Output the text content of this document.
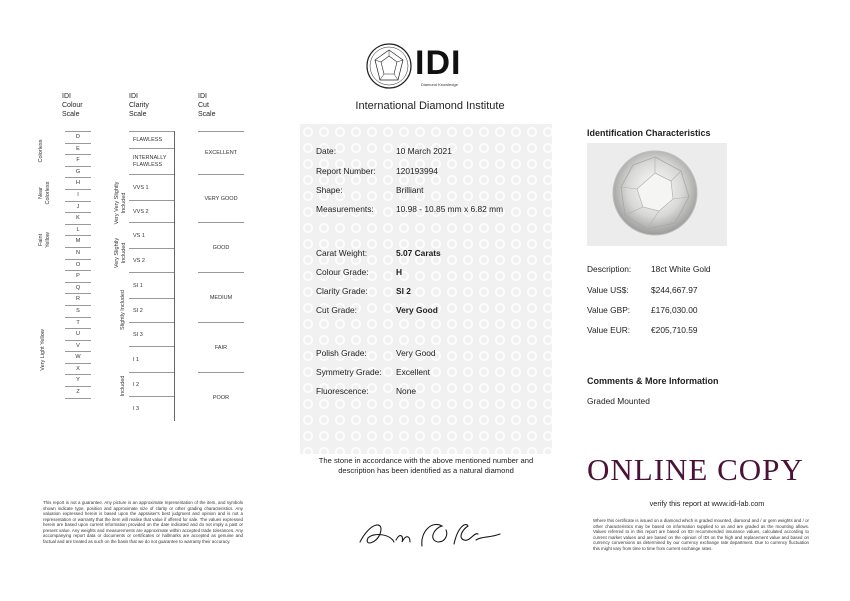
IDI
Diamond Knowledge
International Diamond Institute
IDI
Colour
Scale
IDI
Clarity
Scale
IDI
Cut
Scale
Colorless
Near Colorless
Faint Yellow
Very Light Yellow
D
E
F
G
H
I
J
K
L
M
N
O
P
Q
R
S
T
U
V
W
X
Y
Z
Very Very Slightly Included
Very Slightly Included
Slightly Included
Included
FLAWLESS
INTERNALLY FLAWLESS
VVS 1
VVS 2
VS 1
VS 2
SI 1
SI 2
SI 3
I 1
I 2
I 3
EXCELLENT
VERY GOOD
GOOD
MEDIUM
FAIR
POOR
Date:	10 March 2021
Report Number: 120193994
Shape:	Brilliant
Measurements:	10.98 - 10.85 mm x 6.82 mm
Carat Weight:	5.07 Carats
Colour Grade:	H
Clarity Grade:	SI 2
Cut Grade:	Very Good
Polish Grade:	Very Good
Symmetry Grade: Excellent
Fluorescence:	None
The stone in accordance with the above mentioned number and
description has been identified as a natural diamond
Identification Characteristics
Description: 18ct White Gold
Value US$:	$244,667.97
Value GBP: £176,030.00
Value EUR: €205,710.59
Comments & More Information
Graded Mounted
ONLINE COPY
verify this report at www.idi-lab.com
This report is not a guarantee. Any picture is an approximate representation of the item, and symbols shown indicate type, position and approximate size of clarity or other grading characteristics. Any valuation expressed herein is based upon the appraiser's best judgment and opinion and is not a representation or warranty that the item will realise that value if offered for sale. The values expressed herein are based upon current information provided on the date indicated and do not imply a past or present value. Any weights and measurements are approximate within accepted trade tolerances. Any accompanying report data or documents or certificates or hallmarks are accepted as genuine and factual and are treated as such on the basis that we do not guarantee to warranty their accuracy.
Where this certificate is issued on a diamond which is graded mounted, diamond and / or gem weights and / or other characteristics may be based on information supplied to us and are graded as the mounting allows. Values referred to in this report are based on IDI recommended insurance values, calculated according to current market values and are based on the opinion of IDI on the high and replacement value and based on currency conversions as determined by our currency exchange rate department. Due to currency fluctuation this might vary from time to time from current exchange rates.
